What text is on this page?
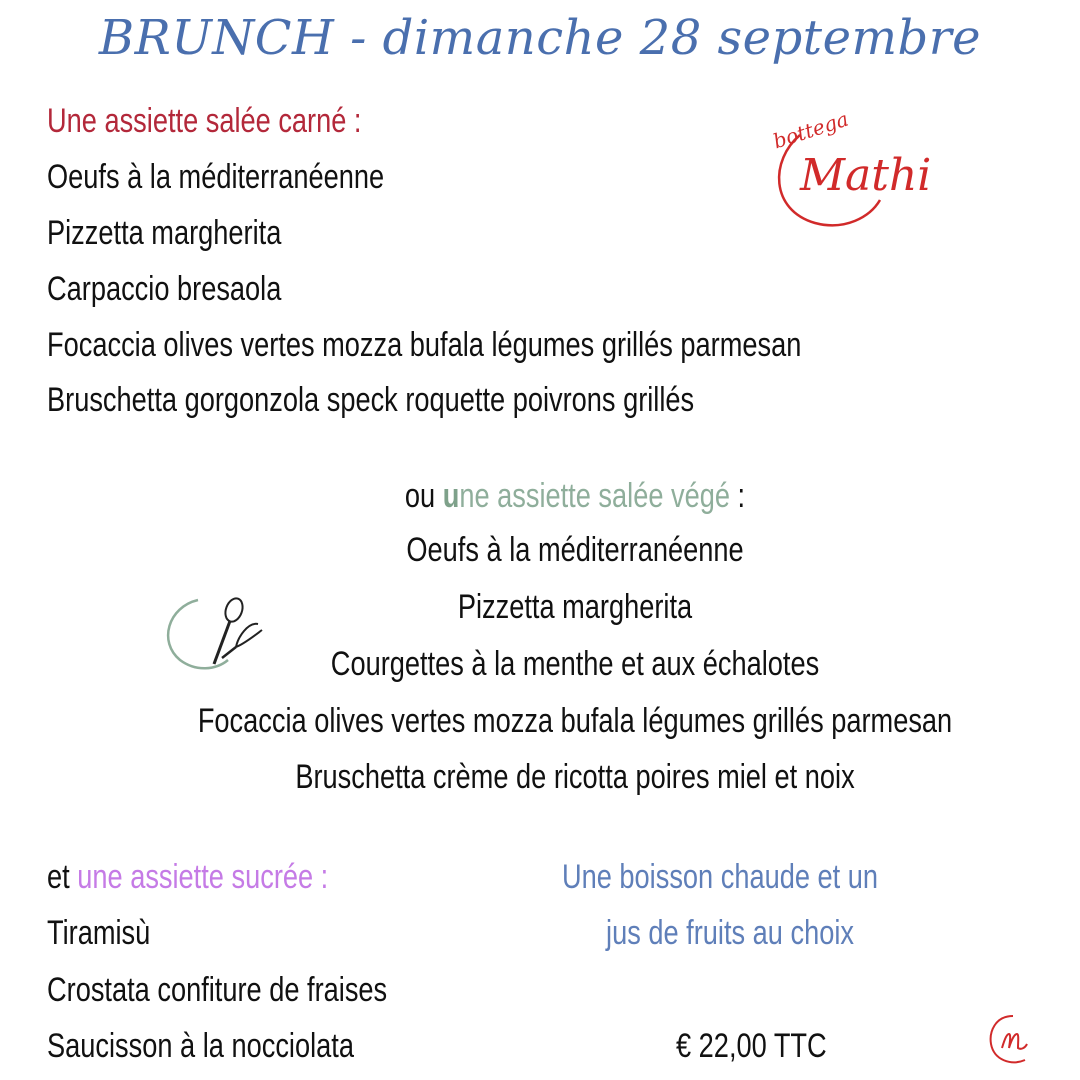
BRUNCH - dimanche 28 septembre
bottega
Mathi
Une assiette salée carné :
Oeufs à la méditerranéenne
Pizzetta margherita
Carpaccio bresaola
Focaccia olives vertes mozza bufala légumes grillés parmesan
Bruschetta gorgonzola speck roquette poivrons grillés
ou une assiette salée végé :
Oeufs à la méditerranéenne
Pizzetta margherita
Courgettes à la menthe et aux échalotes
Focaccia olives vertes mozza bufala légumes grillés parmesan
Bruschetta crème de ricotta poires miel et noix
et une assiette sucrée :
Tiramisù
Crostata confiture de fraises
Saucisson à la nocciolata
Une boisson chaude et un
jus de fruits au choix
€ 22,00 TTC
